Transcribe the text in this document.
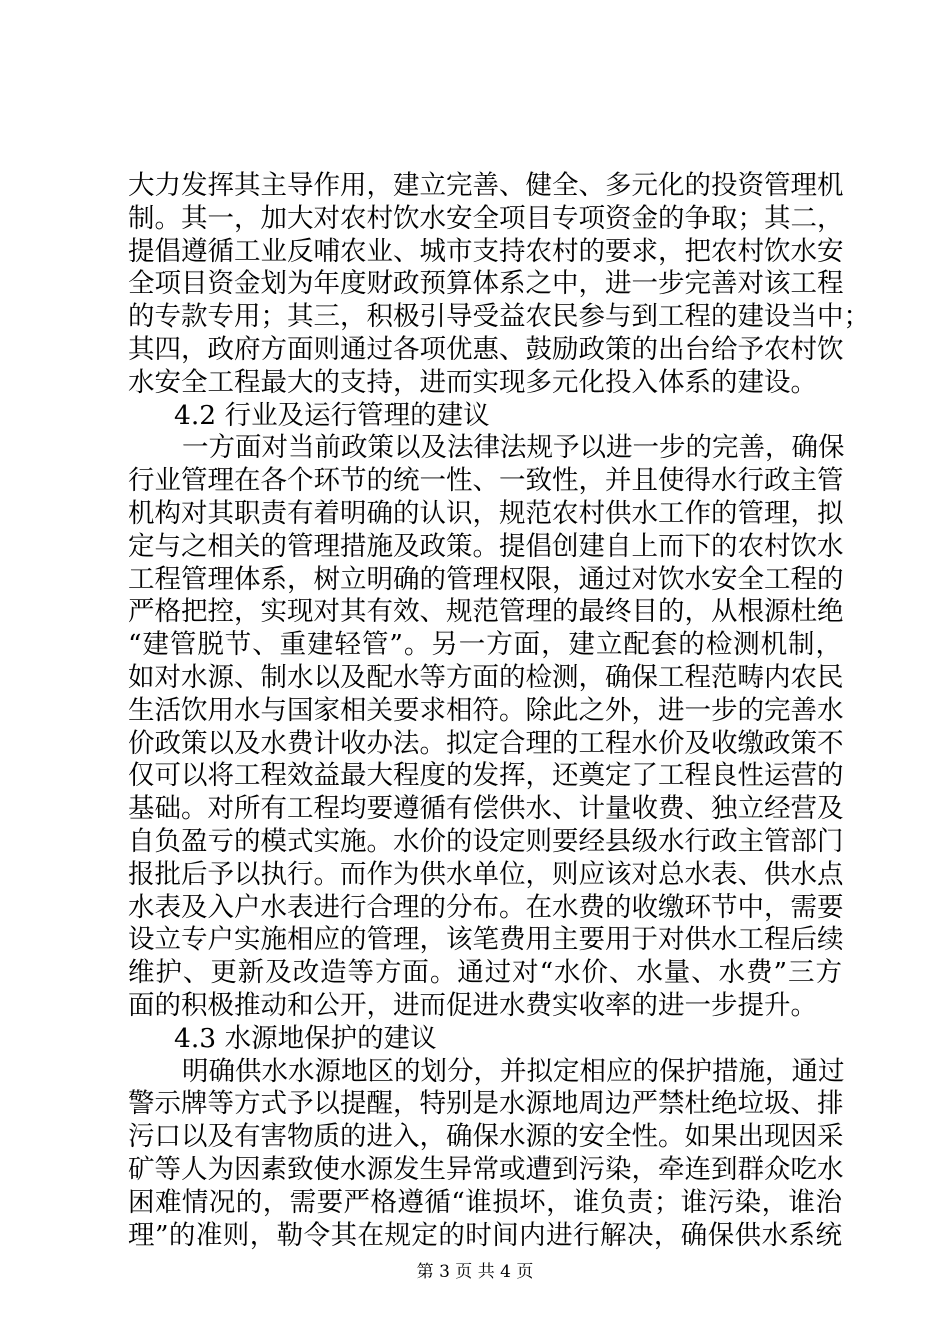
大力发挥其主导作用，建立完善、健全、多元化的投资管理机
制。其一，加大对农村饮水安全项目专项资金的争取；其二，
提倡遵循工业反哺农业、城市支持农村的要求，把农村饮水安
全项目资金划为年度财政预算体系之中，进一步完善对该工程
的专款专用；其三，积极引导受益农民参与到工程的建设当中；
其四，政府方面则通过各项优惠、鼓励政策的出台给予农村饮
水安全工程最大的支持，进而实现多元化投入体系的建设。
4.2 行业及运行管理的建议
一方面对当前政策以及法律法规予以进一步的完善，确保
行业管理在各个环节的统一性、一致性，并且使得水行政主管
机构对其职责有着明确的认识，规范农村供水工作的管理，拟
定与之相关的管理措施及政策。提倡创建自上而下的农村饮水
工程管理体系，树立明确的管理权限，通过对饮水安全工程的
严格把控，实现对其有效、规范管理的最终目的，从根源杜绝
“建管脱节、重建轻管”。另一方面，建立配套的检测机制，
如对水源、制水以及配水等方面的检测，确保工程范畴内农民
生活饮用水与国家相关要求相符。除此之外，进一步的完善水
价政策以及水费计收办法。拟定合理的工程水价及收缴政策不
仅可以将工程效益最大程度的发挥，还奠定了工程良性运营的
基础。对所有工程均要遵循有偿供水、计量收费、独立经营及
自负盈亏的模式实施。水价的设定则要经县级水行政主管部门
报批后予以执行。而作为供水单位，则应该对总水表、供水点
水表及入户水表进行合理的分布。在水费的收缴环节中，需要
设立专户实施相应的管理，该笔费用主要用于对供水工程后续
维护、更新及改造等方面。通过对“水价、水量、水费”三方
面的积极推动和公开，进而促进水费实收率的进一步提升。
4.3 水源地保护的建议
明确供水水源地区的划分，并拟定相应的保护措施，通过
警示牌等方式予以提醒，特别是水源地周边严禁杜绝垃圾、排
污口以及有害物质的进入，确保水源的安全性。如果出现因采
矿等人为因素致使水源发生异常或遭到污染，牵连到群众吃水
困难情况的，需要严格遵循“谁损坏，谁负责；谁污染，谁治
理”的准则，勒令其在规定的时间内进行解决，确保供水系统
第 3 页 共 4 页
